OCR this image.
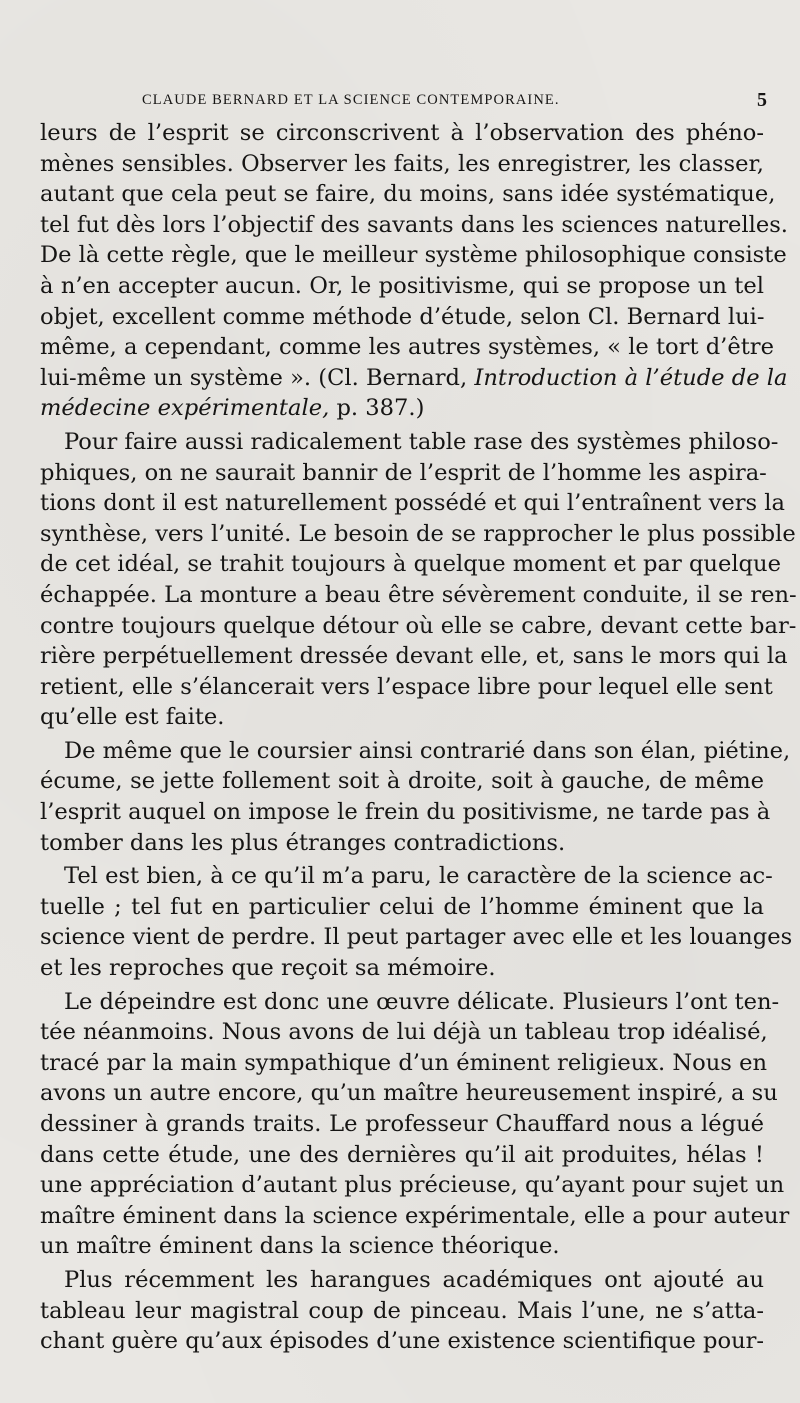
CLAUDE BERNARD ET LA SCIENCE CONTEMPORAINE.	5
leurs de l’esprit se circonscrivent à l’observation des phéno-
mènes sensibles. Observer les faits, les enregistrer, les classer,
autant que cela peut se faire, du moins, sans idée systématique,
tel fut dès lors l’objectif des savants dans les sciences naturelles.
De là cette règle, que le meilleur système philosophique consiste
à n’en accepter aucun. Or, le positivisme, qui se propose un tel
objet, excellent comme méthode d’étude, selon Cl. Bernard lui-
même, a cependant, comme les autres systèmes, « le tort d’être
lui-même un système ». (Cl. Bernard, Introduction à l’étude de la
médecine expérimentale, p. 387.)
Pour faire aussi radicalement table rase des systèmes philoso-
phiques, on ne saurait bannir de l’esprit de l’homme les aspira-
tions dont il est naturellement possédé et qui l’entraînent vers la
synthèse, vers l’unité. Le besoin de se rapprocher le plus possible
de cet idéal, se trahit toujours à quelque moment et par quelque
échappée. La monture a beau être sévèrement conduite, il se ren-
contre toujours quelque détour où elle se cabre, devant cette bar-
rière perpétuellement dressée devant elle, et, sans le mors qui la
retient, elle s’élancerait vers l’espace libre pour lequel elle sent
qu’elle est faite.
De même que le coursier ainsi contrarié dans son élan, piétine,
écume, se jette follement soit à droite, soit à gauche, de même
l’esprit auquel on impose le frein du positivisme, ne tarde pas à
tomber dans les plus étranges contradictions.
Tel est bien, à ce qu’il m’a paru, le caractère de la science ac-
tuelle ; tel fut en particulier celui de l’homme éminent que la
science vient de perdre. Il peut partager avec elle et les louanges
et les reproches que reçoit sa mémoire.
Le dépeindre est donc une œuvre délicate. Plusieurs l’ont ten-
tée néanmoins. Nous avons de lui déjà un tableau trop idéalisé,
tracé par la main sympathique d’un éminent religieux. Nous en
avons un autre encore, qu’un maître heureusement inspiré, a su
dessiner à grands traits. Le professeur Chauffard nous a légué
dans cette étude, une des dernières qu’il ait produites, hélas !
une appréciation d’autant plus précieuse, qu’ayant pour sujet un
maître éminent dans la science expérimentale, elle a pour auteur
un maître éminent dans la science théorique.
Plus récemment les harangues académiques ont ajouté au
tableau leur magistral coup de pinceau. Mais l’une, ne s’atta-
chant guère qu’aux épisodes d’une existence scientifique pour-
